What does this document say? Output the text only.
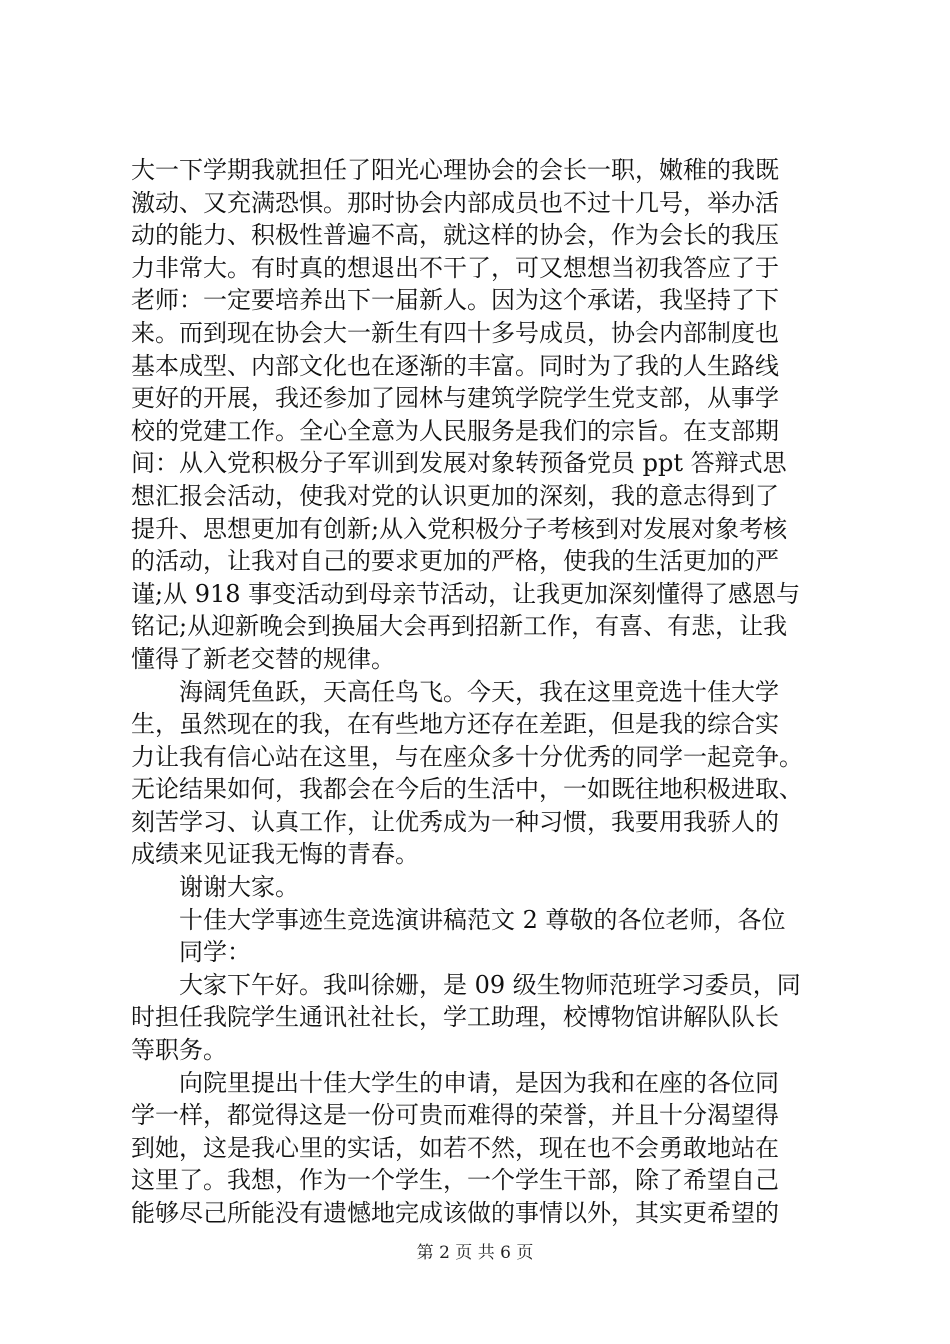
大一下学期我就担任了阳光心理协会的会长一职，嫩稚的我既
激动、又充满恐惧。那时协会内部成员也不过十几号，举办活
动的能力、积极性普遍不高，就这样的协会，作为会长的我压
力非常大。有时真的想退出不干了，可又想想当初我答应了于
老师：一定要培养出下一届新人。因为这个承诺，我坚持了下
来。而到现在协会大一新生有四十多号成员，协会内部制度也
基本成型、内部文化也在逐渐的丰富。同时为了我的人生路线
更好的开展，我还参加了园林与建筑学院学生党支部，从事学
校的党建工作。全心全意为人民服务是我们的宗旨。在支部期
间：从入党积极分子军训到发展对象转预备党员 ppt 答辩式思
想汇报会活动，使我对党的认识更加的深刻，我的意志得到了
提升、思想更加有创新;从入党积极分子考核到对发展对象考核
的活动，让我对自己的要求更加的严格，使我的生活更加的严
谨;从 918 事变活动到母亲节活动，让我更加深刻懂得了感恩与
铭记;从迎新晚会到换届大会再到招新工作，有喜、有悲，让我
懂得了新老交替的规律。
海阔凭鱼跃，天高任鸟飞。今天，我在这里竞选十佳大学
生，虽然现在的我，在有些地方还存在差距，但是我的综合实
力让我有信心站在这里，与在座众多十分优秀的同学一起竞争。
无论结果如何，我都会在今后的生活中，一如既往地积极进取、
刻苦学习、认真工作，让优秀成为一种习惯，我要用我骄人的
成绩来见证我无悔的青春。
谢谢大家。
十佳大学事迹生竞选演讲稿范文 2 尊敬的各位老师，各位
同学：
大家下午好。我叫徐姗，是 09 级生物师范班学习委员，同
时担任我院学生通讯社社长，学工助理，校博物馆讲解队队长
等职务。
向院里提出十佳大学生的申请，是因为我和在座的各位同
学一样，都觉得这是一份可贵而难得的荣誉，并且十分渴望得
到她，这是我心里的实话，如若不然，现在也不会勇敢地站在
这里了。我想，作为一个学生，一个学生干部，除了希望自己
能够尽己所能没有遗憾地完成该做的事情以外，其实更希望的
第 2 页 共 6 页
